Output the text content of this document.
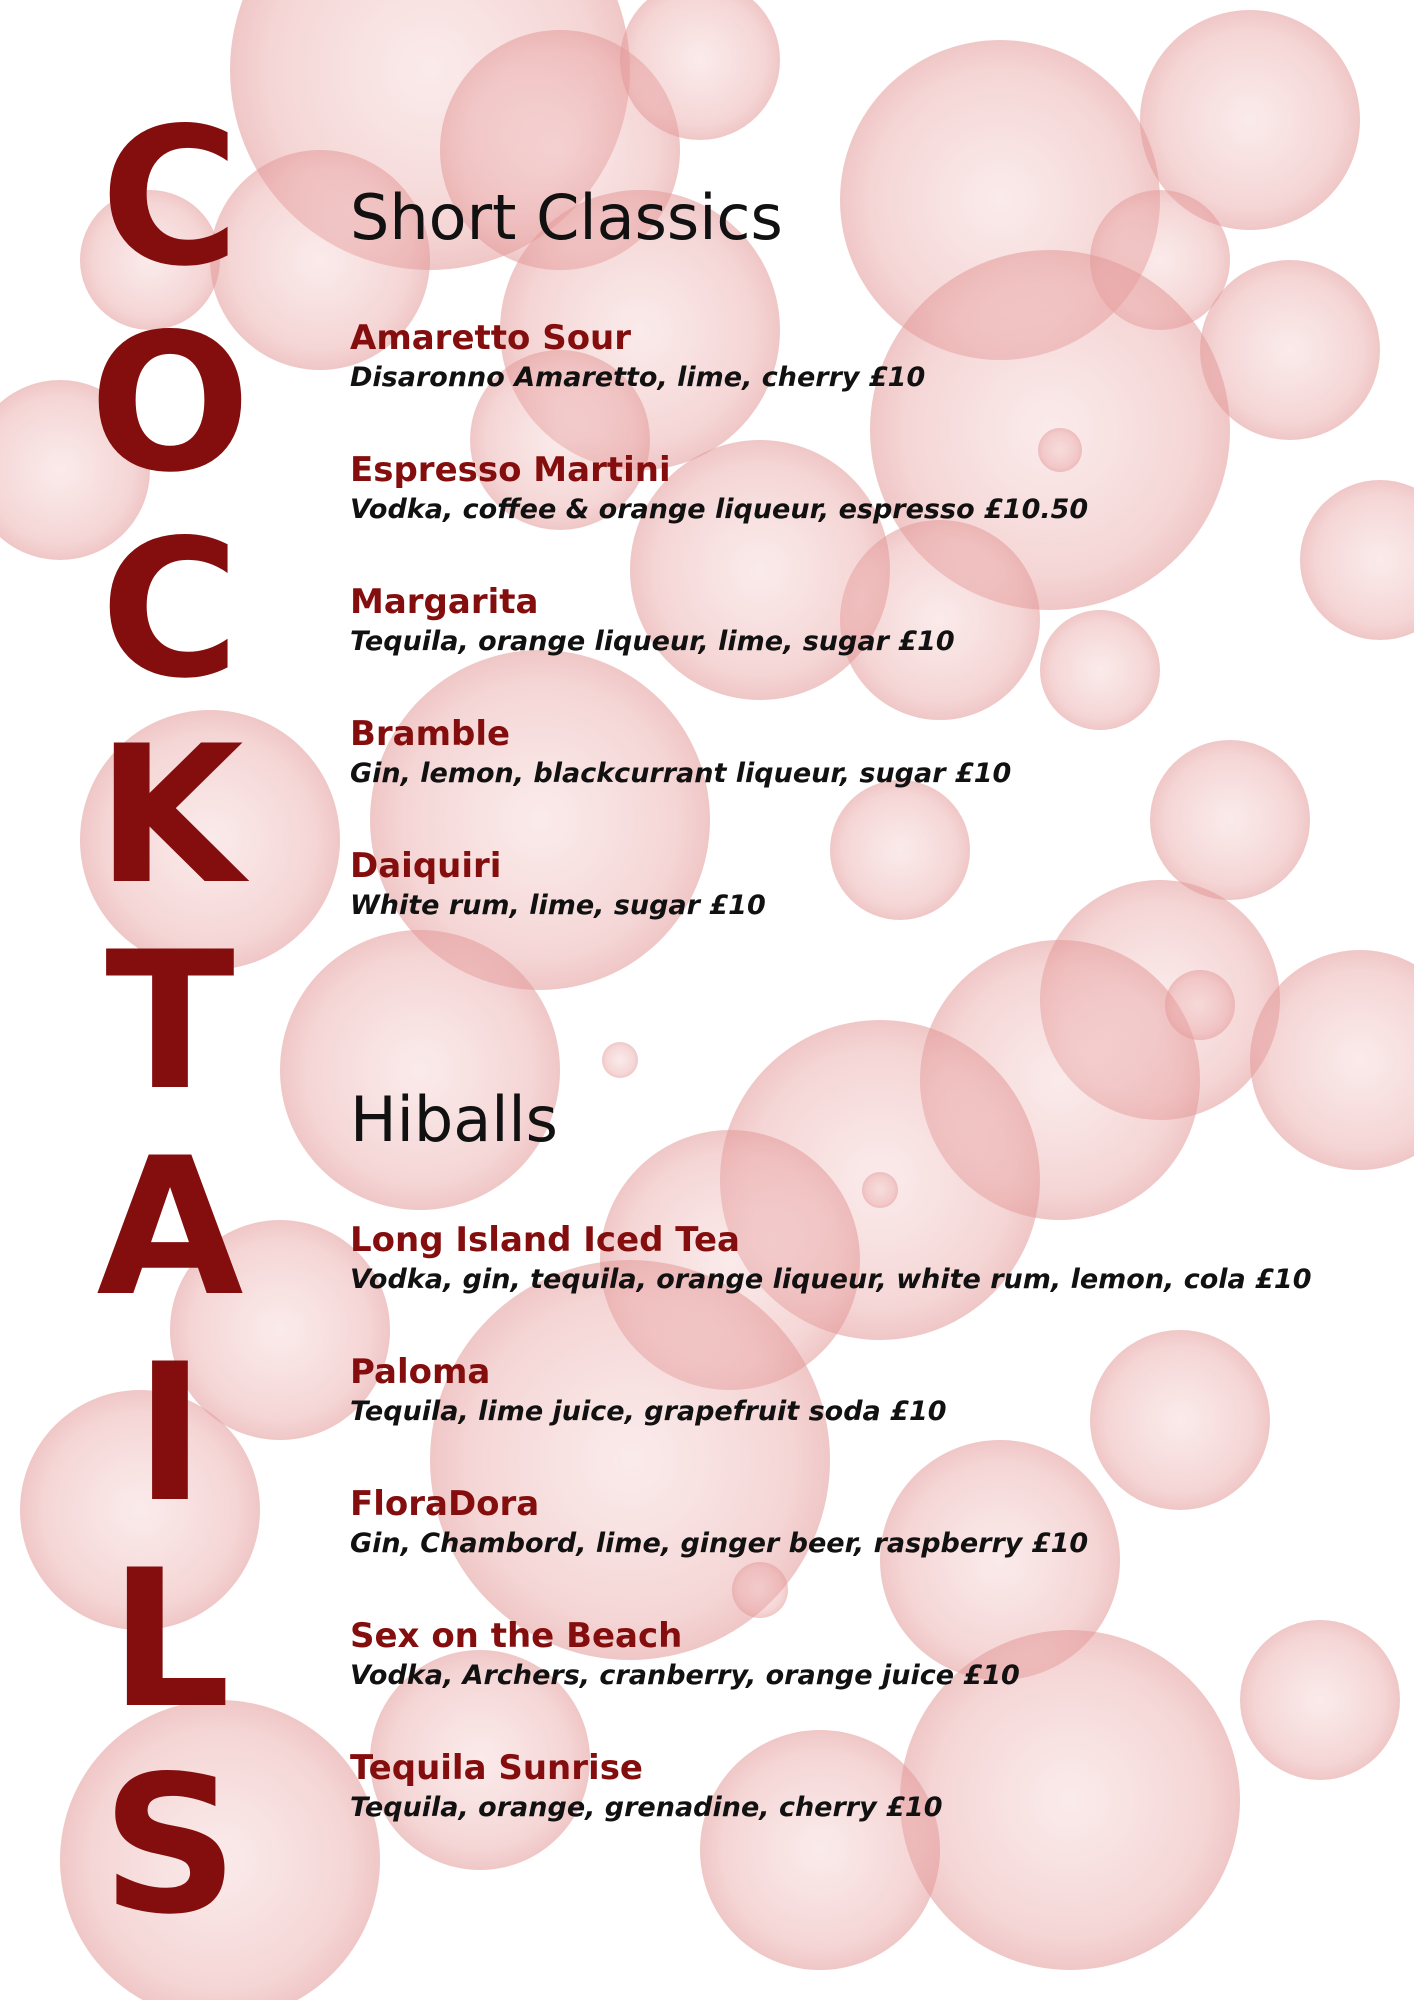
C
O
C
K
T
A
I
L
S
Short Classics
Amaretto Sour
Disaronno Amaretto, lime, cherry £10
Espresso Martini
Vodka, coffee & orange liqueur, espresso £10.50
Margarita
Tequila, orange liqueur, lime, sugar £10
Bramble
Gin, lemon, blackcurrant liqueur, sugar £10
Daiquiri
White rum, lime, sugar £10
Hiballs
Long Island Iced Tea
Vodka, gin, tequila, orange liqueur, white rum, lemon, cola £10
Paloma
Tequila, lime juice, grapefruit soda £10
FloraDora
Gin, Chambord, lime, ginger beer, raspberry £10
Sex on the Beach
Vodka, Archers, cranberry, orange juice £10
Tequila Sunrise
Tequila, orange, grenadine, cherry £10
